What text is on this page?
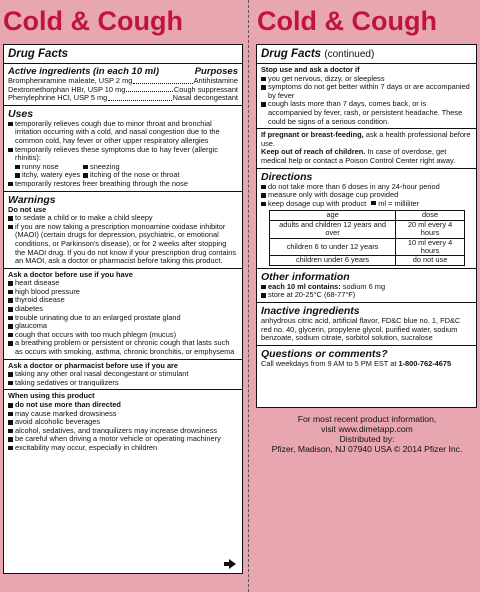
Cold & Cough
Drug Facts
Active ingredients (in each 10 ml)	Purposes
Brompheniramine maleate, USP 2 mg	Antihistamine
Dextromethorphan HBr, USP 10 mg	Cough suppressant
Phenylephrine HCl, USP 5 mg	Nasal decongestant
Uses
temporarily relieves cough due to minor throat and bronchial irritation occurring with a cold, and nasal congestion due to the common cold, hay fever or other upper respiratory allergies
temporarily relieves these symptoms due to hay fever (allergic rhinitis):
runny nose	sneezing
itchy, watery eyes	itching of the nose or throat
temporarily restores freer breathing through the nose
Warnings
Do not use
to sedate a child or to make a child sleepy
if you are now taking a prescription monoamine oxidase inhibitor (MAOI) (certain drugs for depression, psychiatric, or emotional conditions, or Parkinson's disease), or for 2 weeks after stopping the MAOI drug. If you do not know if your prescription drug contains an MAOI, ask a doctor or pharmacist before taking this product.
Ask a doctor before use if you have
heart disease
high blood pressure
thyroid disease
diabetes
trouble urinating due to an enlarged prostate gland
glaucoma
cough that occurs with too much phlegm (mucus)
a breathing problem or persistent or chronic cough that lasts such as occurs with smoking, asthma, chronic bronchitis, or emphysema
Ask a doctor or pharmacist before use if you are
taking any other oral nasal decongestant or stimulant
taking sedatives or tranquilizers
When using this product
do not use more than directed
may cause marked drowsiness
avoid alcoholic beverages
alcohol, sedatives, and tranquilizers may increase drowsiness
be careful when driving a motor vehicle or operating machinery
excitability may occur, especially in children
Cold & Cough
Drug Facts (continued)
Stop use and ask a doctor if
you get nervous, dizzy, or sleepless
symptoms do not get better within 7 days or are accompanied by fever
cough lasts more than 7 days, comes back, or is accompanied by fever, rash, or persistent headache. These could be signs of a serious condition.
If pregnant or breast-feeding, ask a health professional before use.
Keep out of reach of children. In case of overdose, get medical help or contact a Poison Control Center right away.
Directions
do not take more than 6 doses in any 24-hour period
measure only with dosage cup provided
keep dosage cup with product ml = milliliter
age	dose
adults and children 12 years and over	20 ml every 4 hours
children 6 to under 12 years	10 ml every 4 hours
children under 6 years	do not use
Other information
each 10 ml contains: sodium 6 mg
store at 20-25°C (68-77°F)
Inactive ingredients
anhydrous citric acid, artificial flavor, FD&C blue no. 1, FD&C red no. 40, glycerin, propylene glycol, purified water, sodium benzoate, sodium citrate, sorbitol solution, sucralose
Questions or comments?
Call weekdays from 9 AM to 5 PM EST at 1-800-762-4675
For most recent product information,
visit www.dimetapp.com
Distributed by:
Pfizer, Madison, NJ 07940 USA © 2014 Pfizer Inc.
